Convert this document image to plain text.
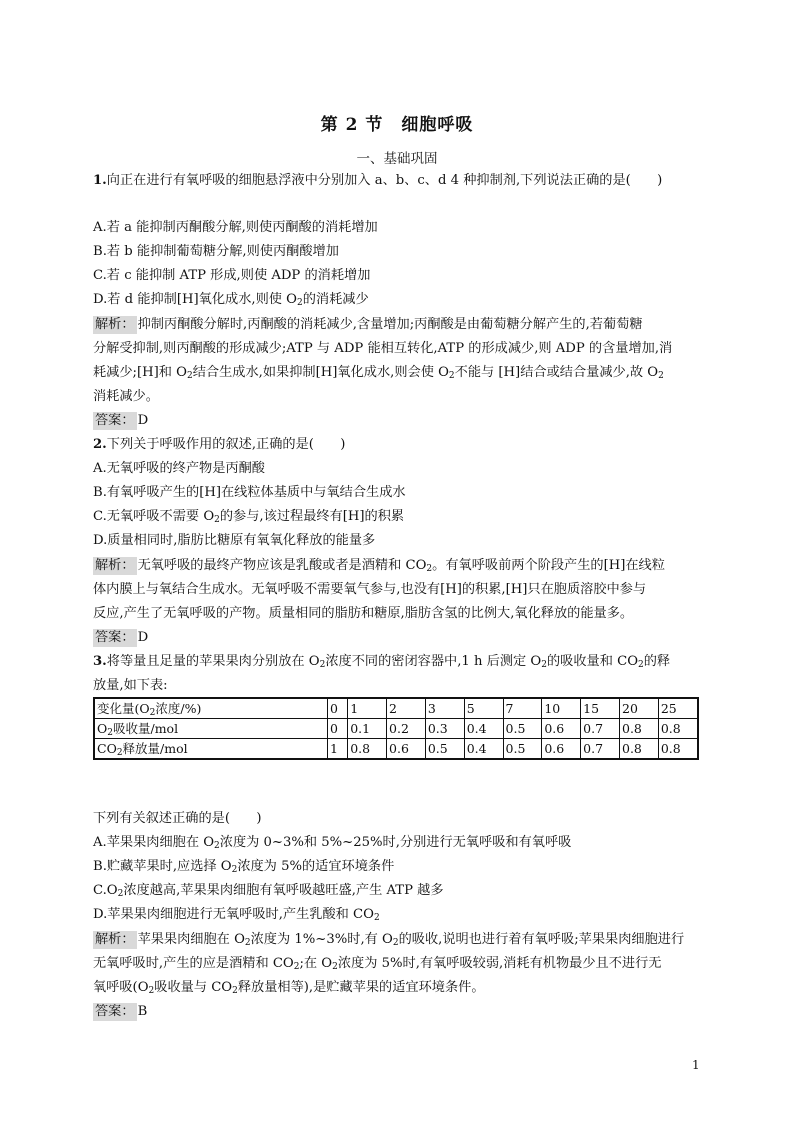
第 2 节　细胞呼吸
一、基础巩固
1.向正在进行有氧呼吸的细胞悬浮液中分别加入 a、b、c、d 4 种抑制剂,下列说法正确的是(　　)
A.若 a 能抑制丙酮酸分解,则使丙酮酸的消耗增加
B.若 b 能抑制葡萄糖分解,则使丙酮酸增加
C.若 c 能抑制 ATP 形成,则使 ADP 的消耗增加
D.若 d 能抑制[H]氧化成水,则使 $O_2$的消耗减少
解析： 抑制丙酮酸分解时,丙酮酸的消耗减少,含量增加;丙酮酸是由葡萄糖分解产生的,若葡萄糖
分解受抑制,则丙酮酸的形成减少;ATP 与 ADP 能相互转化,ATP 的形成减少,则 ADP 的含量增加,消
耗减少;[H]和 $O_2$结合生成水,如果抑制[H]氧化成水,则会使 $O_2$不能与 [H]结合或结合量减少,故 $O_2$
消耗减少。
答案： D
2.下列关于呼吸作用的叙述,正确的是(　　)
A.无氧呼吸的终产物是丙酮酸
B.有氧呼吸产生的[H]在线粒体基质中与氧结合生成水
C.无氧呼吸不需要 $O_2$的参与,该过程最终有[H]的积累
D.质量相同时,脂肪比糖原有氧氧化释放的能量多
解析： 无氧呼吸的最终产物应该是乳酸或者是酒精和 $CO_2$。有氧呼吸前两个阶段产生的[H]在线粒
体内膜上与氧结合生成水。无氧呼吸不需要氧气参与,也没有[H]的积累,[H]只在胞质溶胶中参与
反应,产生了无氧呼吸的产物。质量相同的脂肪和糖原,脂肪含氢的比例大,氧化释放的能量多。
答案： D
3.将等量且足量的苹果果肉分别放在 $O_2$浓度不同的密闭容器中,1 h 后测定 $O_2$的吸收量和 $CO_2$的释
放量,如下表:
变化量($O_2$浓度/%)	0	1	2	3	5	7	10	15	20	25
$O_2$吸收量/mol	0	0.1	0.2	0.3	0.4	0.5	0.6	0.7	0.8	0.8
$CO_2$释放量/mol	1	0.8	0.6	0.5	0.4	0.5	0.6	0.7	0.8	0.8
下列有关叙述正确的是(　　)
A.苹果果肉细胞在 $O_2$浓度为 0~3%和 5%~25%时,分别进行无氧呼吸和有氧呼吸
B.贮藏苹果时,应选择 $O_2$浓度为 5%的适宜环境条件
$C.O_2$浓度越高,苹果果肉细胞有氧呼吸越旺盛,产生 ATP 越多
D.苹果果肉细胞进行无氧呼吸时,产生乳酸和 $CO_2$
解析： 苹果果肉细胞在 $O_2$浓度为 1%~3%时,有 $O_2$的吸收,说明也进行着有氧呼吸;苹果果肉细胞进行
无氧呼吸时,产生的应是酒精和 $CO_2$;在 $O_2$浓度为 5%时,有氧呼吸较弱,消耗有机物最少且不进行无
氧呼吸($O_2$吸收量与 $CO_2$释放量相等),是贮藏苹果的适宜环境条件。
答案： B
1
